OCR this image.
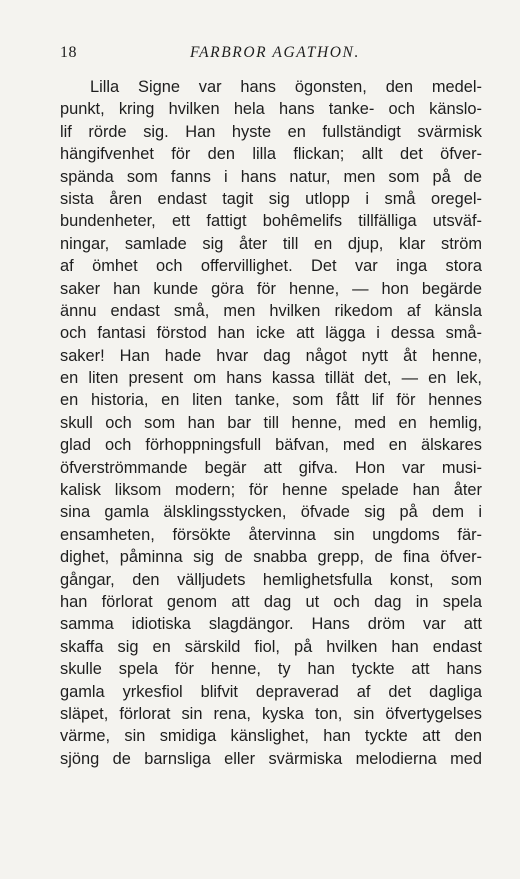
18	FARBROR AGATHON.
Lilla Signe var hans ögonsten, den medel-
punkt, kring hvilken hela hans tanke- och känslo-
lif rörde sig. Han hyste en fullständigt svärmisk
hängifvenhet för den lilla flickan; allt det öfver-
spända som fanns i hans natur, men som på de
sista åren endast tagit sig utlopp i små oregel-
bundenheter, ett fattigt bohêmelifs tillfälliga utsväf-
ningar, samlade sig åter till en djup, klar ström
af ömhet och offervillighet. Det var inga stora
saker han kunde göra för henne, — hon begärde
ännu endast små, men hvilken rikedom af känsla
och fantasi förstod han icke att lägga i dessa små-
saker! Han hade hvar dag något nytt åt henne,
en liten present om hans kassa tillät det, — en lek,
en historia, en liten tanke, som fått lif för hennes
skull och som han bar till henne, med en hemlig,
glad och förhoppningsfull bäfvan, med en älskares
öfverströmmande begär att gifva. Hon var musi-
kalisk liksom modern; för henne spelade han åter
sina gamla älsklingsstycken, öfvade sig på dem i
ensamheten, försökte återvinna sin ungdoms fär-
dighet, påminna sig de snabba grepp, de fina öfver-
gångar, den välljudets hemlighetsfulla konst, som
han förlorat genom att dag ut och dag in spela
samma idiotiska slagdängor. Hans dröm var att
skaffa sig en särskild fiol, på hvilken han endast
skulle spela för henne, ty han tyckte att hans
gamla yrkesfiol blifvit depraverad af det dagliga
släpet, förlorat sin rena, kyska ton, sin öfvertygelses
värme, sin smidiga känslighet, han tyckte att den
sjöng de barnsliga eller svärmiska melodierna med
